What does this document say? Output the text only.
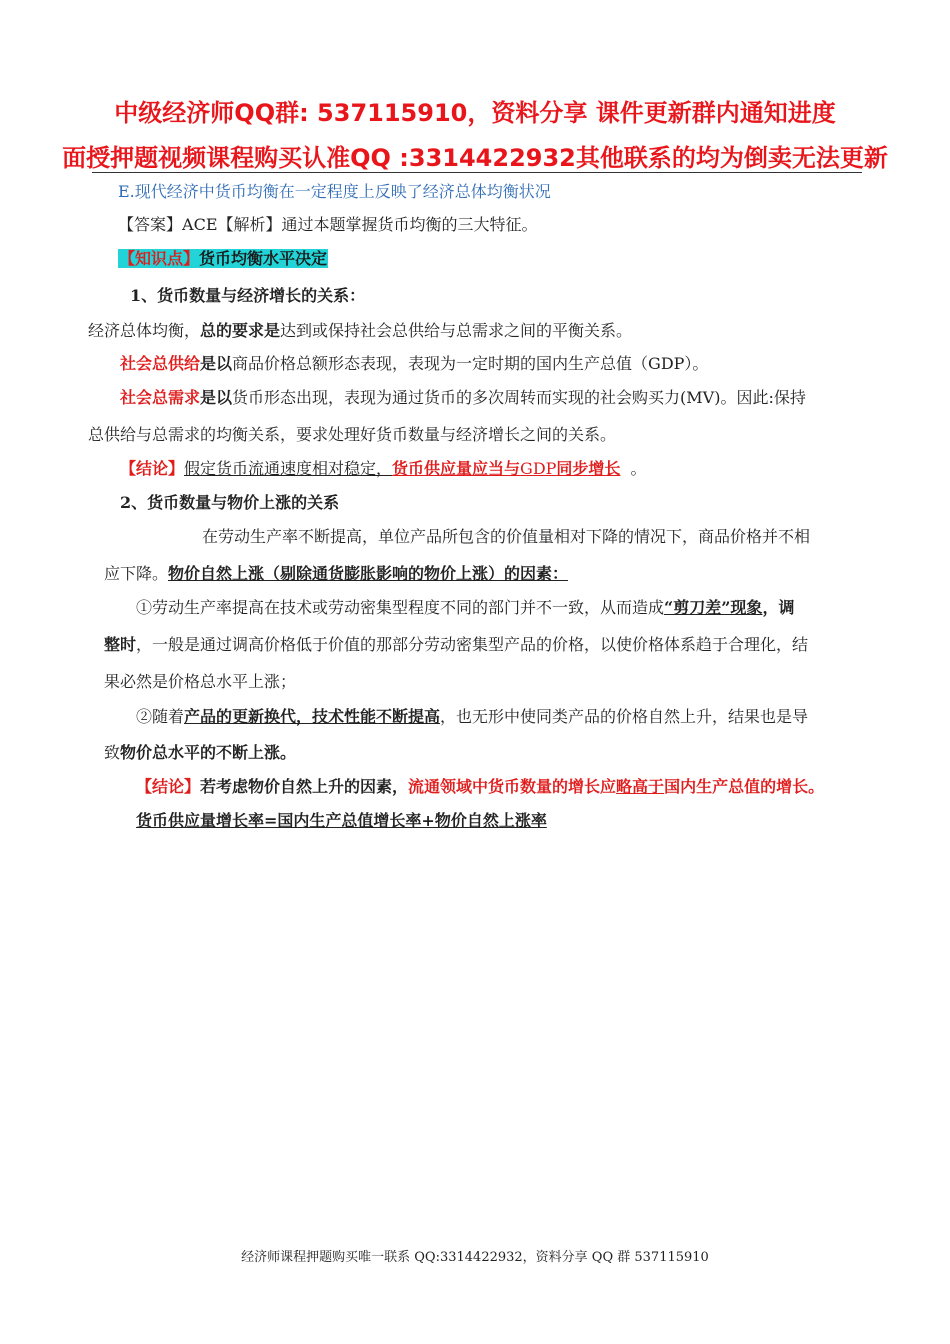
中级经济师QQ群: 537115910，资料分享 课件更新群内通知进度
面授押题视频课程购买认准QQ :3314422932其他联系的均为倒卖无法更新
E.现代经济中货币均衡在一定程度上反映了经济总体均衡状况
【答案】ACE【解析】通过本题掌握货币均衡的三大特征。
【知识点】货币均衡水平决定
1、货币数量与经济增长的关系：
经济总体均衡，总的要求是达到或保持社会总供给与总需求之间的平衡关系。
社会总供给是以商品价格总额形态表现，表现为一定时期的国内生产总值（GDP）。
社会总需求是以货币形态出现，表现为通过货币的多次周转而实现的社会购买力(MV)。因此:保持
总供给与总需求的均衡关系，要求处理好货币数量与经济增长之间的关系。
【结论】假定货币流通速度相对稳定，货币供应量应当与GDP同步增长 。
2、货币数量与物价上涨的关系
在劳动生产率不断提高，单位产品所包含的价值量相对下降的情况下，商品价格并不相
应下降。物价自然上涨（剔除通货膨胀影响的物价上涨）的因素：
①劳动生产率提高在技术或劳动密集型程度不同的部门并不一致，从而造成“剪刀差”现象，调
整时，一般是通过调高价格低于价值的那部分劳动密集型产品的价格，以使价格体系趋于合理化，结
果必然是价格总水平上涨；
②随着产品的更新换代，技术性能不断提高，也无形中使同类产品的价格自然上升，结果也是导
致物价总水平的不断上涨。
【结论】若考虑物价自然上升的因素，流通领域中货币数量的增长应略高于国内生产总值的增长。
货币供应量增长率=国内生产总值增长率+物价自然上涨率
经济师课程押题购买唯一联系 QQ:3314422932，资料分享 QQ 群 537115910
